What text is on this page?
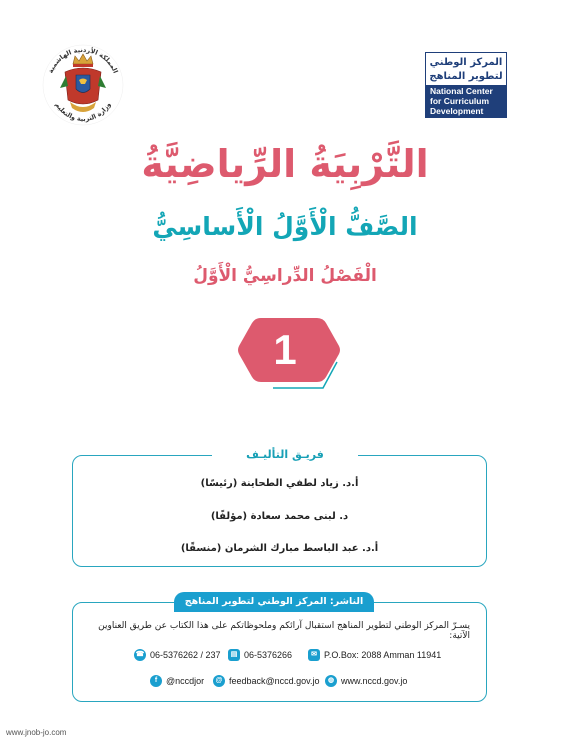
المركز الوطني
لتطوير المناهج
National Center
for Curriculum
Development
المملكة الأردنية الهاشمية
وزارة التربية والتعليم
التَّرْبِيَةُ الرِّياضِيَّةُ
الصَّفُّ الْأَوَّلُ الْأَساسِيُّ
الْفَصْلُ الدِّراسِيُّ الْأَوَّلُ
1
فريـق التأليـف
أ.د. زياد لطفي الطحاينة (رئيسًا)
د. لبنى محمد سعادة (مؤلفًا)
أ.د. عبد الباسط مبارك الشرمان (منسقًا)
الناشر: المركز الوطني لتطوير المناهج
يسـرّ المركز الوطني لتطوير المناهج استقبال آرائكم وملحوظاتكم على هذا الكتاب عن طريق العناوين الآتية:
☎ 06-5376262 / 237	▤ 06-5376266	✉ P.O.Box: 2088 Amman 11941
f @nccdjor	@ feedback@nccd.gov.jo	◍ www.nccd.gov.jo
www.jnob-jo.com
